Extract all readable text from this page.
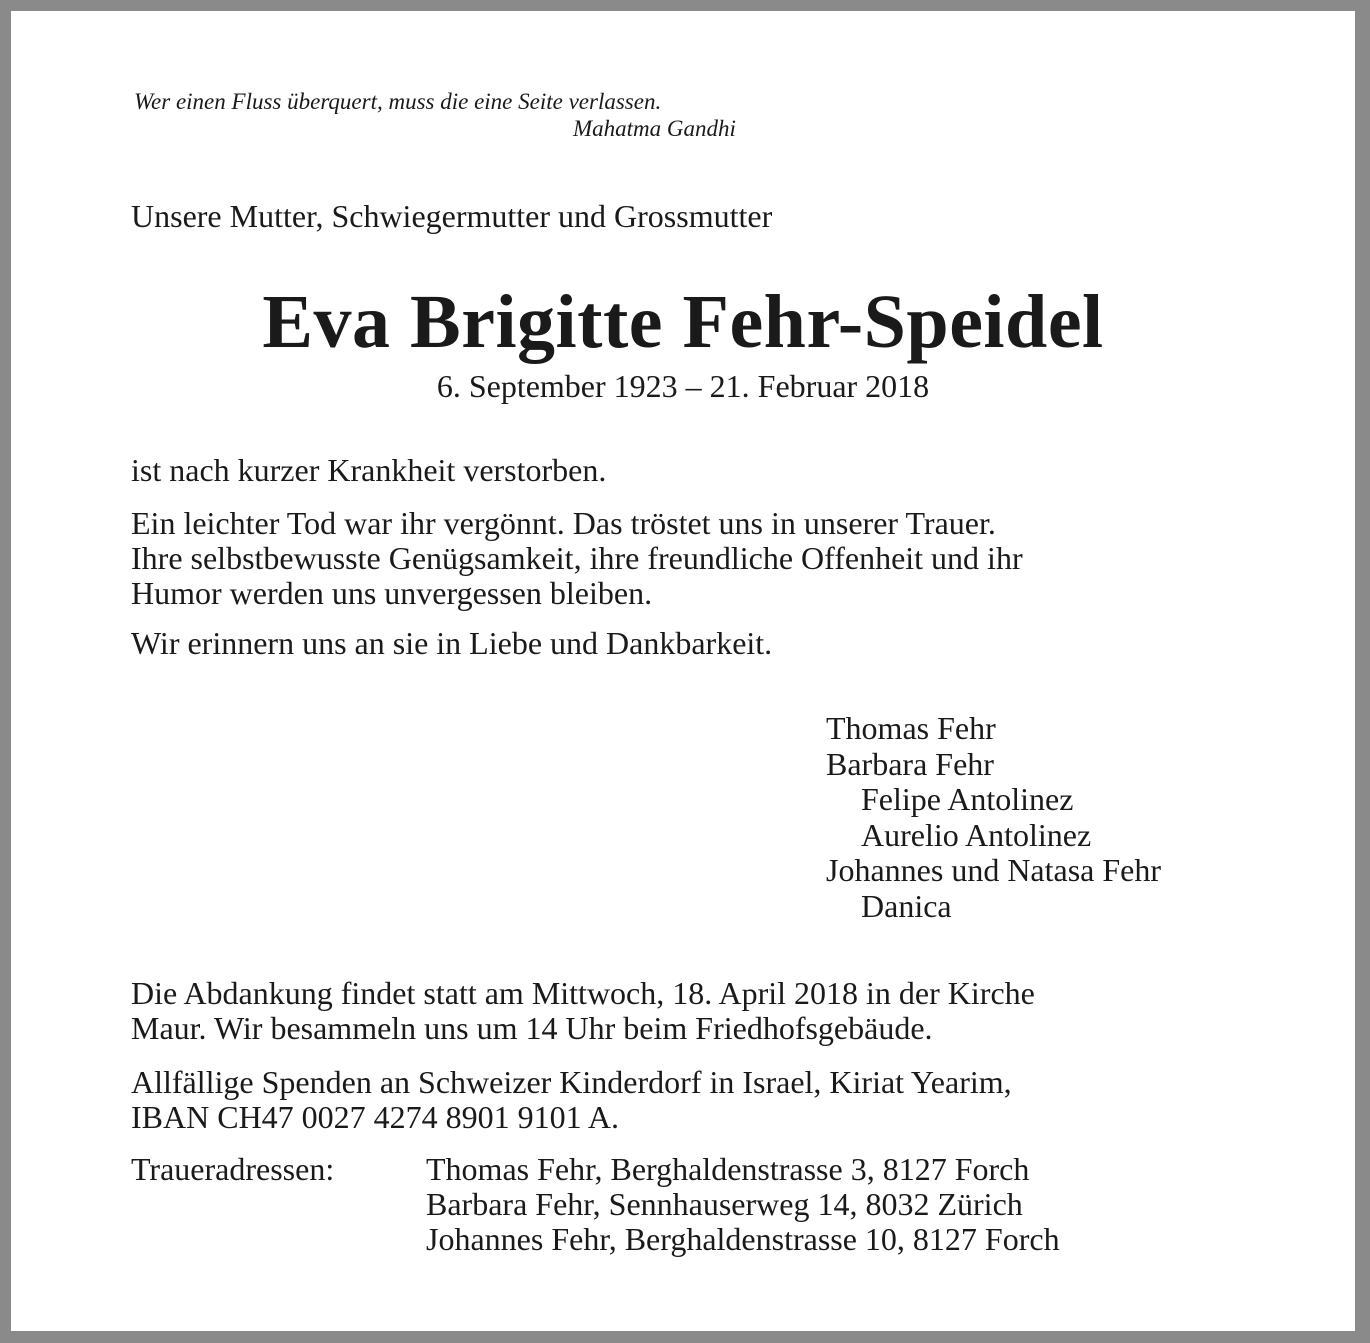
Wer einen Fluss überquert, muss die eine Seite verlassen.
Mahatma Gandhi
Unsere Mutter, Schwiegermutter und Grossmutter
Eva Brigitte Fehr-Speidel
6. September 1923 – 21. Februar 2018
ist nach kurzer Krankheit verstorben.
Ein leichter Tod war ihr vergönnt. Das tröstet uns in unserer Trauer.
Ihre selbstbewusste Genügsamkeit, ihre freundliche Offenheit und ihr
Humor werden uns unvergessen bleiben.
Wir erinnern uns an sie in Liebe und Dankbarkeit.
Thomas Fehr
Barbara Fehr
Felipe Antolinez
Aurelio Antolinez
Johannes und Natasa Fehr
Danica
Die Abdankung findet statt am Mittwoch, 18. April 2018 in der Kirche
Maur. Wir besammeln uns um 14 Uhr beim Friedhofsgebäude.
Allfällige Spenden an Schweizer Kinderdorf in Israel, Kiriat Yearim,
IBAN CH47 0027 4274 8901 9101 A.
Traueradressen:	Thomas Fehr, Berghaldenstrasse 3, 8127 Forch
Barbara Fehr, Sennhauserweg 14, 8032 Zürich
Johannes Fehr, Berghaldenstrasse 10, 8127 Forch
